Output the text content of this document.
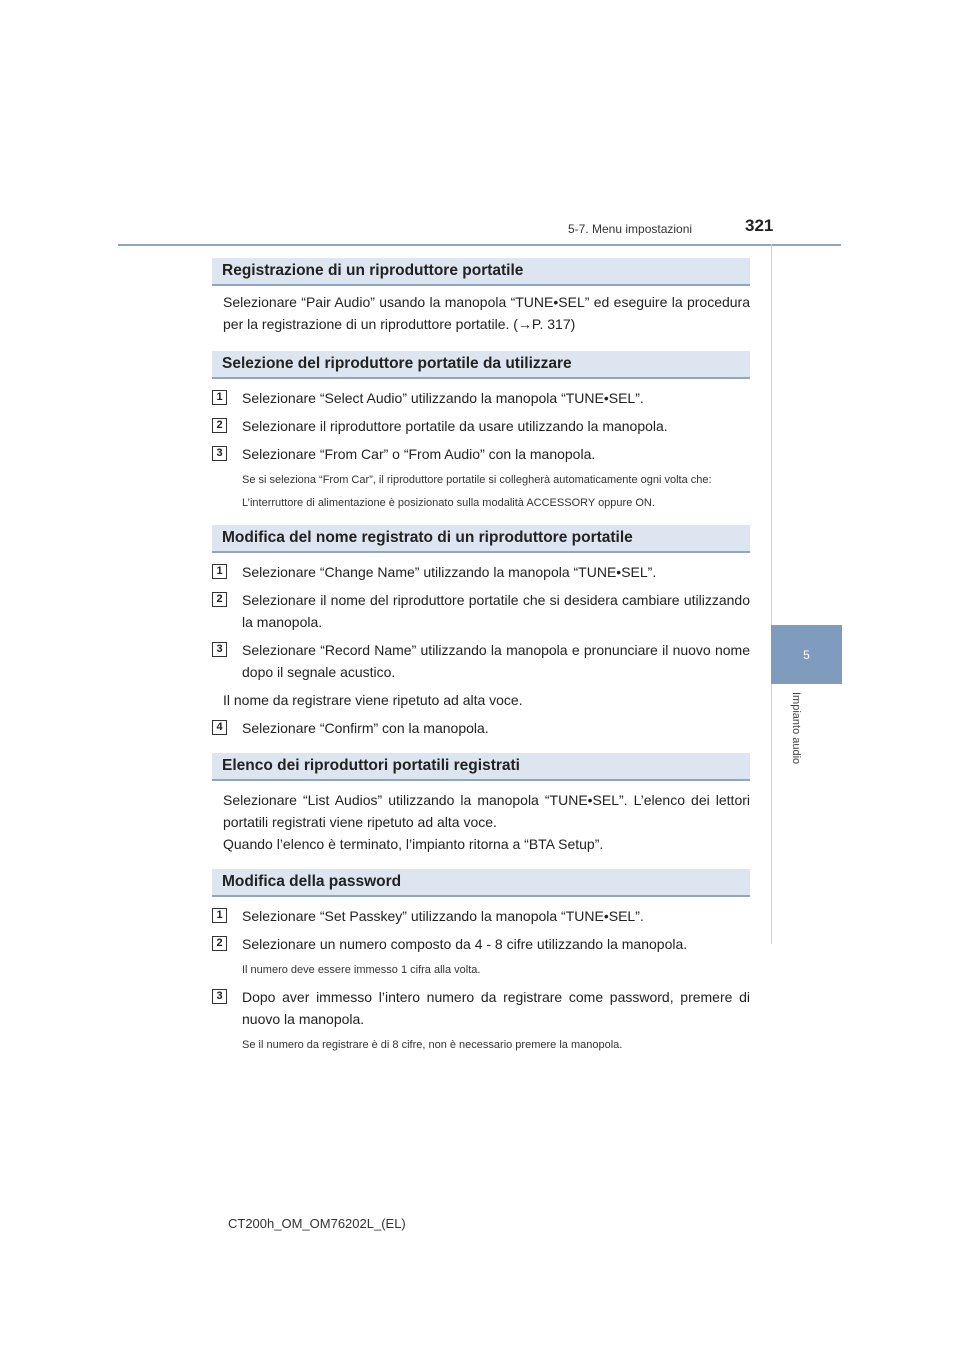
5-7. Menu impostazioni	321
5
Impianto audio
Registrazione di un riproduttore portatile

Selezionare “Pair Audio” usando la manopola “TUNE•SEL” ed eseguire la procedura per la registrazione di un riproduttore portatile. (→P. 317)

Selezione del riproduttore portatile da utilizzare
1	Selezionare “Select Audio” utilizzando la manopola “TUNE•SEL”.
2	Selezionare il riproduttore portatile da usare utilizzando la manopola.
3	Selezionare “From Car” o “From Audio” con la manopola.
Se si seleziona “From Car”, il riproduttore portatile si collegherà automaticamente ogni volta che:
L’interruttore di alimentazione è posizionato sulla modalità ACCESSORY oppure ON.
Modifica del nome registrato di un riproduttore portatile
1	Selezionare “Change Name” utilizzando la manopola “TUNE•SEL”.
2	Selezionare il nome del riproduttore portatile che si desidera cambiare utilizzando la manopola.
3	Selezionare “Record Name” utilizzando la manopola e pronunciare il nuovo nome dopo il segnale acustico.

Il nome da registrare viene ripetuto ad alta voce.

4	Selezionare “Confirm” con la manopola.
Elenco dei riproduttori portatili registrati

Selezionare “List Audios” utilizzando la manopola “TUNE•SEL”. L’elenco dei lettori portatili registrati viene ripetuto ad alta voce.

Quando l’elenco è terminato, l’impianto ritorna a “BTA Setup”.

Modifica della password
1	Selezionare “Set Passkey” utilizzando la manopola “TUNE•SEL”.
2	Selezionare un numero composto da 4 - 8 cifre utilizzando la manopola.
Il numero deve essere immesso 1 cifra alla volta.
3	Dopo aver immesso l’intero numero da registrare come password, premere di nuovo la manopola.
Se il numero da registrare è di 8 cifre, non è necessario premere la manopola.
CT200h_OM_OM76202L_(EL)
